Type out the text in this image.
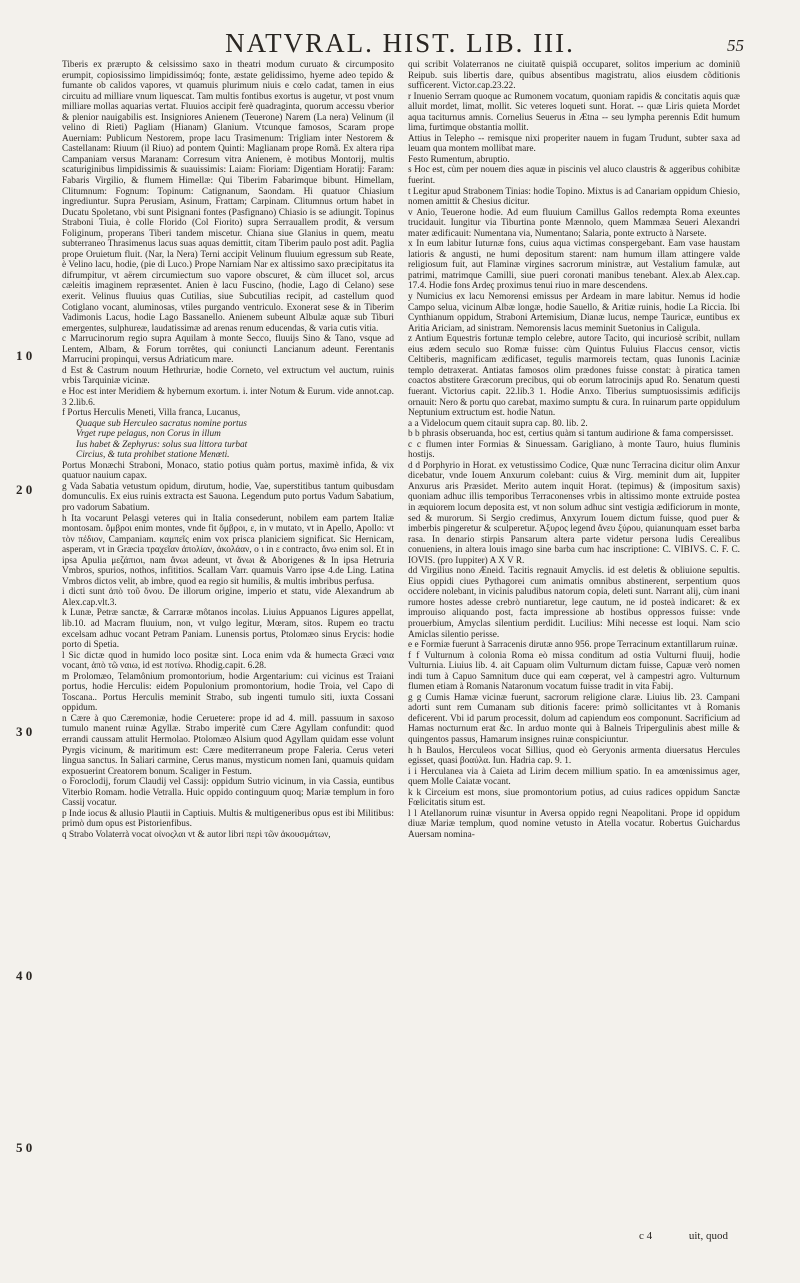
NATVRAL. HIST. LIB. III.	55
1 0
2 0
3 0
4 0
5 0

Tiberis ex prærupto & celsissimo saxo in theatri modum curuato & circumposito erumpit, copiosissimo limpidissimóq; fonte, æstate gelidissimo, hyeme adeo tepido & fumante ob calidos vapores, vt quamuis plurimum niuis e cœlo cadat, tamen in eius circuitu ad milliare vnum liquescat. Tam multis fontibus exortus is augetur, vt post vnum milliare mollas aquarias vertat. Fluuios accipit ferè quadraginta, quorum accessu vberior & plenior nauigabilis est. Insigniores Anienem (Teuerone) Narem (La nera) Velinum (il velino di Rieti) Pagliam (Hianam) Glanium. Vtcunque famosos, Scaram prope Auerniam: Publicum Nestorem, prope lacu Trasimenum: Trigliam inter Nestorem & Castellanam: Riuum (il Riuo) ad pontem Quinti: Maglianam prope Romã. Ex altera ripa Campaniam versus Maranam: Corresum vitra Anienem, è motibus Montorij, multis scaturiginibus limpidissimis & suauissimis: Laiam: Fioriam: Digentiam Horatij: Faram: Fabaris Virgilio, & flumem Himellæ: Qui Tiberim Fabarimque bibunt. Himellam, Clitumnum: Fognum: Topinum: Catignanum, Saondam. Hi quatuor Chiasium ingrediuntur. Supra Perusiam, Asinum, Frattam; Carpinam. Clitumnus ortum habet in Ducatu Spoletano, vbi sunt Pisignani fontes (Pasfignano) Chiasio is se adiungit. Topinus Straboni Tiuia, è colle Florido (Col Fiorito) supra Serrauallem prodit, & versum Foliginum, properans Tiberi tandem miscetur. Chiana siue Glanius in quem, meatu subterraneo Thrasimenus lacus suas aquas demittit, citam Tiberim paulo post adit. Paglia prope Oruietum fluit. (Nar, la Nera) Terni accipit Velinum fluuium egressum sub Reate, è Velino lacu, hodie, (pie di Luco.) Prope Narniam Nar ex altissimo saxo præcipitatus ita difrumpitur, vt aërem circumiectum suo vapore obscuret, & cùm illucet sol, arcus cæleitis imaginem repræsentet. Anien è lacu Fuscino, (hodie, Lago di Celano) sese exerit. Velinus fluuius quas Cutilias, siue Subcutilias recipit, ad castellum quod Cotiglano vocant, aluminosas, vtiles purgando ventriculo. Exonerat sese & in Tiberim Vadimonis Lacus, hodie Lago Bassanello. Anienem subeunt Albulæ aquæ sub Tiburi emergentes, sulphureæ, laudatissimæ ad arenas renum educendas, & varia cutis vitia.

c Marrucinorum regio supra Aquilam à monte Secco, fluuijs Sino & Tano, vsque ad Lentem, Albam, & Forum torrêtes, qui coniuncti Lancianum adeunt. Ferentanis Marrucini propinqui, versus Adriaticum mare.

d Est & Castrum nouum Hethruriæ, hodie Corneto, vel extructum vel auctum, ruinis vrbis Tarquiniæ vicinæ.

e Hoc est inter Meridiem & hybernum exortum. i. inter Notum & Eurum. vide annot.cap. 3 2.lib.6.

f Portus Herculis Meneti, Villa franca, Lucanus,

Quaque sub Herculeo sacratus nomine portus

Vrget rupe pelagus, non Corus in illum

Ius habet & Zephyrus: solus sua littora turbat

Circius, & tuta prohibet statione Menœti.

Portus Monæchi Straboni, Monaco, statio potius quàm portus, maximè infida, & vix quatuor nauium capax.

g Vada Sabatia vetustum opidum, dirutum, hodie, Vae, superstitibus tantum quibusdam domunculis. Ex eius ruinis extracta est Sauona. Legendum puto portus Vadum Sabatium, pro vadorum Sabatium.

h Ita vocarunt Pelasgi veteres qui in Italia consederunt, nobilem eam partem Italiæ montosam. ὄμβροι enim montes, vnde fit ὄμβροι, ε, in ν mutato, vt in Apello, Apollo: vt τὸν πέδιον, Campaniam. καμπεῖς enim vox prisca planiciem significat. Sic Hernicam, asperam, vt in Græcia τραχεῖαν ἀπολίαν, ἀκολάαν, ο ι in ε contracto, ἄνω enim sol. Et in ipsa Apulia μεζάπιοι, nam ἄνωι adeunt, vt ἄνωι & Aborigenes & In ipsa Hetruria Vmbros, spurios, nothos, infititios. Scallam Varr. quamuis Varro ipse 4.de Ling. Latina Vmbros dictos velit, ab imbre, quod ea regio sit humilis, & multis imbribus perfusa.

i dicti sunt ἀπὸ τοῦ ὄνου. De illorum origine, imperio et statu, vide Alexandrum ab Alex.cap.vlt.3.

k Lunæ, Petræ sanctæ, & Carraræ môtanos incolas. Liuius Appuanos Ligures appellat, lib.10. ad Macram fluuium, non, vt vulgo legitur, Mœram, sitos. Rupem eo tractu excelsam adhuc vocant Petram Paniam. Lunensis portus, Ptolomæo sinus Erycis: hodie porto di Spetia.

l Sic dictæ quod in humido loco positæ sint. Loca enim vda & humecta Græci ναια vocant, ἀπὸ τῶ ναιω, id est ποτίνω. Rhodig.capit. 6.28.

m Prolomæo, Telamônium promontorium, hodie Argentarium: cui vicinus est Traiani portus, hodie Herculis: eidem Populonium promontorium, hodie Troia, vel Capo di Toscana.. Portus Herculis meminit Strabo, sub ingenti tumulo siti, iuxta Cossani oppidum.

n Cære à quo Cæremoniæ, hodie Ceruetere: prope id ad 4. mill. passuum in saxoso tumulo manent ruinæ Agyllæ. Strabo imperitè cum Cære Agyllam confundit: quod errandi caussam attulit Hermolao. Ptolomæo Alsium quod Agyllam quidam esse volunt Pyrgis vicinum, & maritimum est: Cære mediterraneum prope Faleria. Cerus veteri lingua sanctus. In Saliari carmine, Cerus manus, mysticum nomen Iani, quamuis quidam exposuerint Creatorem bonum. Scaliger in Festum.

o Foroclodij, forum Claudij vel Cassij: oppidum Sutrio vicinum, in via Cassia, euntibus Viterbio Romam. hodie Vetralla. Huic oppido continguum quoq; Mariæ templum in foro Cassij vocatur.

p Inde iocus & allusio Plautii in Captiuis. Multis & multigeneribus opus est ibi Militibus: primò dum opus est Pistorienfibus.

q Strabo Volaterrà vocat οἰνοςλαι vt & autor libri περὶ τῶν ἀκουσμάτων,

qui scribit Volaterranos ne ciuitatẽ quispiã occuparet, solitos imperium ac dominiũ Reipub. suis libertis dare, quibus absentibus magistratu, alios eiusdem cõditionis sufficerent. Victor.cap.23.22.

r Inuenio Serram quoque ac Rumonem vocatum, quoniam rapidis & concitatis aquis quæ alluit mordet, limat, mollit. Sic veteres loqueti sunt. Horat. -- quæ Liris quieta Mordet aqua taciturnus amnis. Cornelius Seuerus in Ætna -- seu lympha perennis Edit humum lima, furtimque obstantia mollit.

Attius in Telepho -- remisque nixi properiter nauem in fugam Trudunt, subter saxa ad leuam qua montem mollibat mare.

Festo Rumentum, abruptio.

s Hoc est, cùm per nouem dies aquæ in piscinis vel aluco claustris & aggeribus cohibitæ fuerint.

t Legitur apud Strabonem Tinias: hodie Topino. Mixtus is ad Canariam oppidum Chiesio, nomen amittit & Chesius dicitur.

v Anio, Teuerone hodie. Ad eum fluuium Camillus Gallos redempta Roma exeuntes trucidauit. Iungitur via Tiburtina ponte Mænnolo, quem Mammæa Seueri Alexandri mater ædificauit: Numentana via, Numentano; Salaria, ponte extructo à Narsete.

x In eum labitur Iuturnæ fons, cuius aqua victimas conspergebant. Eam vase haustam latioris & angusti, ne humi depositum starent: nam humum illam attingere valde religiosum fuit, aut Flaminæ virgines sacrorum ministræ, aut Vestalium famulæ, aut patrimi, matrimque Camilli, siue pueri coronati manibus tenebant. Alex.ab Alex.cap. 17.4. Hodie fons Ardeç proximus tenui riuo in mare descendens.

y Numicius ex lacu Nemorensi emissus per Ardeam in mare labitur. Nemus id hodie Campo selua, vicinum Albæ longæ, hodie Sauello, & Aritiæ ruinis, hodie La Riccia. Ibi Cynthianum oppidum, Straboni Artemisium, Dianæ lucus, nempe Tauricæ, euntibus ex Aritia Ariciam, ad sinistram. Nemorensis lacus meminit Suetonius in Caligula.

z Antium Equestris fortunæ templo celebre, autore Tacito, qui incuriosè scribit, nullam eius ædem seculo suo Romæ fuisse: cùm Quintus Fuluius Flaccus censor, victis Celtiberis, magnificam ædificaset, tegulis marmoreis tectam, quas Iunonis Laciniæ templo detraxerat. Antiatas famosos olim prædones fuisse constat: à piratica tamen coactos abstitere Græcorum precibus, qui ob eorum latrocinijs apud Ro. Senatum questi fuerant. Victorius capit. 22.lib.3 1. Hodie Anxo. Tiberius sumptuosissimis ædificijs ornauit: Nero & portu quo carebat, maximo sumptu & cura. In ruinarum parte oppidulum Neptunium extructum est. hodie Natun.

a a Videlocum quem citauit supra cap. 80. lib. 2.

b b phrasis obseruanda, hoc est, certius quàm si tantum audirione & fama compersisset.

c c flumen inter Formias & Sinuessam. Garigliano, à monte Tauro, huius fluminis hostijs.

d d Porphyrio in Horat. ex vetustissimo Codice, Quæ nunc Terracina dicitur olim Anxur dicebatur, vnde Iouem Anxurum colebant: cuius & Virg. meminit dum ait, Iuppiter Anxurus aris Præsidet. Merito autem inquit Horat. (tepimus) & (impositum saxis) quoniam adhuc illis temporibus Terraconenses vrbis in altissimo monte extruide postea in æquiorem locum deposita est, vt non solum adhuc sint vestigia ædificiorum in monte, sed & murorum. Si Sergio credimus, Anxyrum Iouem dictum fuisse, quod puer & imberbis pingeretur & sculperetur. Ἀξυρος legend ἄνευ ξύρου, quianunquam esset barba rasa. In denario stirpis Pansarum altera parte videtur persona ludis Cerealibus conueniens, in altera louis imago sine barba cum hac inscriptione: C. VIBIVS. C. F. C. IOVIS. (pro Iuppiter) A X V R.

dd Virgilius nono Æneid. Tacitis regnauit Amyclis. id est deletis & obliuione sepultis. Eius oppidi ciues Pythagorei cum animatis omnibus abstinerent, serpentium quos occidere nolebant, in vicinis paludibus natorum copia, deleti sunt. Narrant alij, cùm inani rumore hostes adesse crebrò nuntiaretur, lege cautum, ne id posteà indicaret: & ex improuiso aliquando post, facta impressione ab hostibus oppressos fuisse: vnde prouerbium, Amyclas silentium perdidit. Lucilius: Mihi necesse est loqui. Nam scio Amiclas silentio perisse.

e e Formiæ fuerunt à Sarracenis dirutæ anno 956. prope Terracinum extantillarum ruinæ.

f f Vulturnum à colonia Roma eò missa conditum ad ostia Vulturni fluuij, hodie Vulturnia. Liuius lib. 4. ait Capuam olim Vulturnum dictam fuisse, Capuæ verò nomen indi tum à Capuo Samnitum duce qui eam cœperat, vel à campestri agro. Vulturnum flumen etiam à Romanis Nataronum vocatum fuisse tradit in vita Fabij.

g g Cumis Hamæ vicinæ fuerunt, sacrorum religione claræ. Liuius lib. 23. Campani adorti sunt rem Cumanam sub ditionis facere: primò sollicitantes vt à Romanis deficerent. Vbi id parum processit, dolum ad capiendum eos componunt. Sacrificium ad Hamas nocturnum erat &c. In arduo monte qui à Balneis Tripergulinis abest mille & quingentos passus, Hamarum insignes ruinæ conspiciuntur.

h h Baulos, Herculeos vocat Sillius, quod eò Geryonis armenta diuersatus Hercules egisset, quasi βοαύλα. Iun. Hadria cap. 9. 1.

i i Herculanea via à Caieta ad Lirim decem millium spatio. In ea amœnissimus ager, quem Molle Caiatæ vocant.

k k Circeium est mons, siue promontorium potius, ad cuius radices oppidum Sanctæ Fœlicitatis situm est.

l l Atellanorum ruinæ visuntur in Aversa oppido regni Neapolitani. Prope id oppidum diuæ Mariæ templum, quod nomine vetusto in Atella vocatur. Robertus Guichardus Auersam nomina-

c 4	uit, quod
